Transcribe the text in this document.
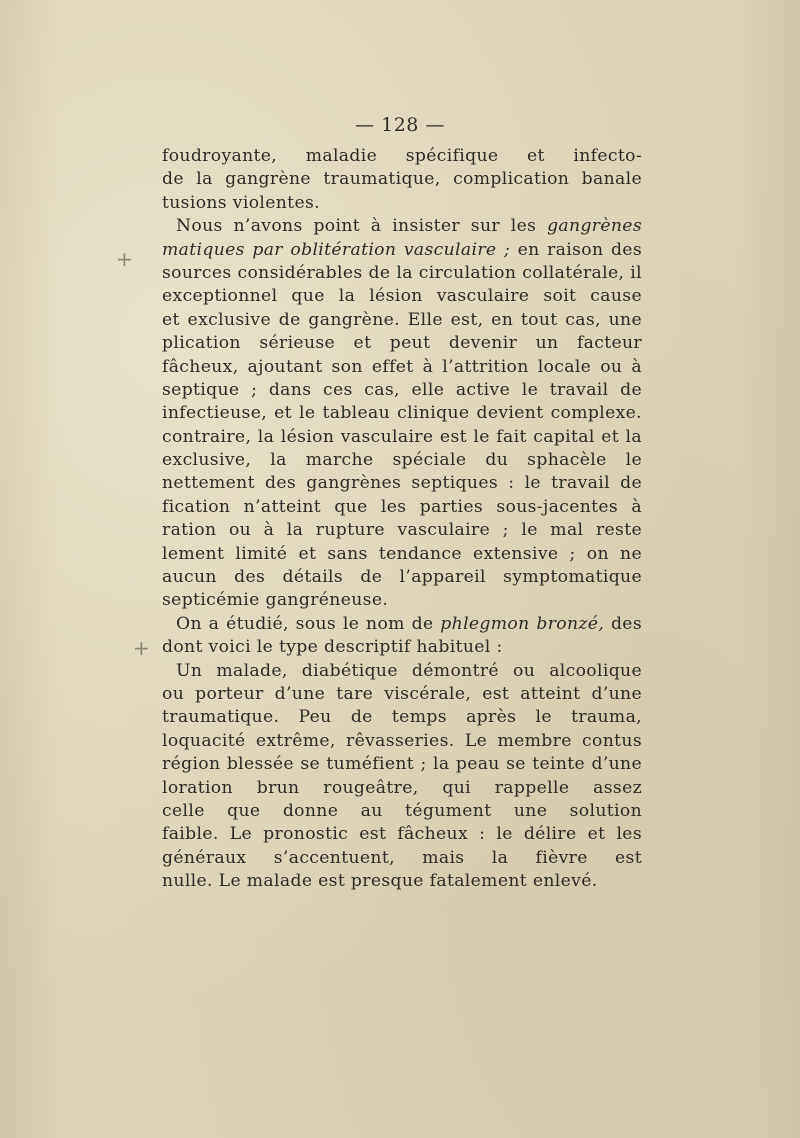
— 128 —
+
+
foudroyante, maladie spécifique et infecto-
de la gangrène traumatique, complication banale
tusions violentes.
Nous n’avons point à insister sur les gangrènes
matiques par oblitération vasculaire ; en raison des
sources considérables de la circulation collatérale, il
exceptionnel que la lésion vasculaire soit cause
et exclusive de gangrène. Elle est, en tout cas, une
plication sérieuse et peut devenir un facteur
fâcheux, ajoutant son effet à l’attrition locale ou à
septique ; dans ces cas, elle active le travail de
infectieuse, et le tableau clinique devient complexe.
contraire, la lésion vasculaire est le fait capital et la
exclusive, la marche spéciale du sphacèle le
nettement des gangrènes septiques : le travail de
fication n’atteint que les parties sous-jacentes à
ration ou à la rupture vasculaire ; le mal reste
lement limité et sans tendance extensive ; on ne
aucun des détails de l’appareil symptomatique
septicémie gangréneuse.
On a étudié, sous le nom de phlegmon bronzé, des
dont voici le type descriptif habituel :
Un malade, diabétique démontré ou alcoolique
ou porteur d’une tare viscérale, est atteint d’une
traumatique. Peu de temps après le trauma,
loquacité extrême, rêvasseries. Le membre contus
région blessée se tuméfient ; la peau se teinte d’une
loration brun rougeâtre, qui rappelle assez
celle que donne au tégument une solution
faible. Le pronostic est fâcheux : le délire et les
généraux s’accentuent, mais la fièvre est
nulle. Le malade est presque fatalement enlevé.
